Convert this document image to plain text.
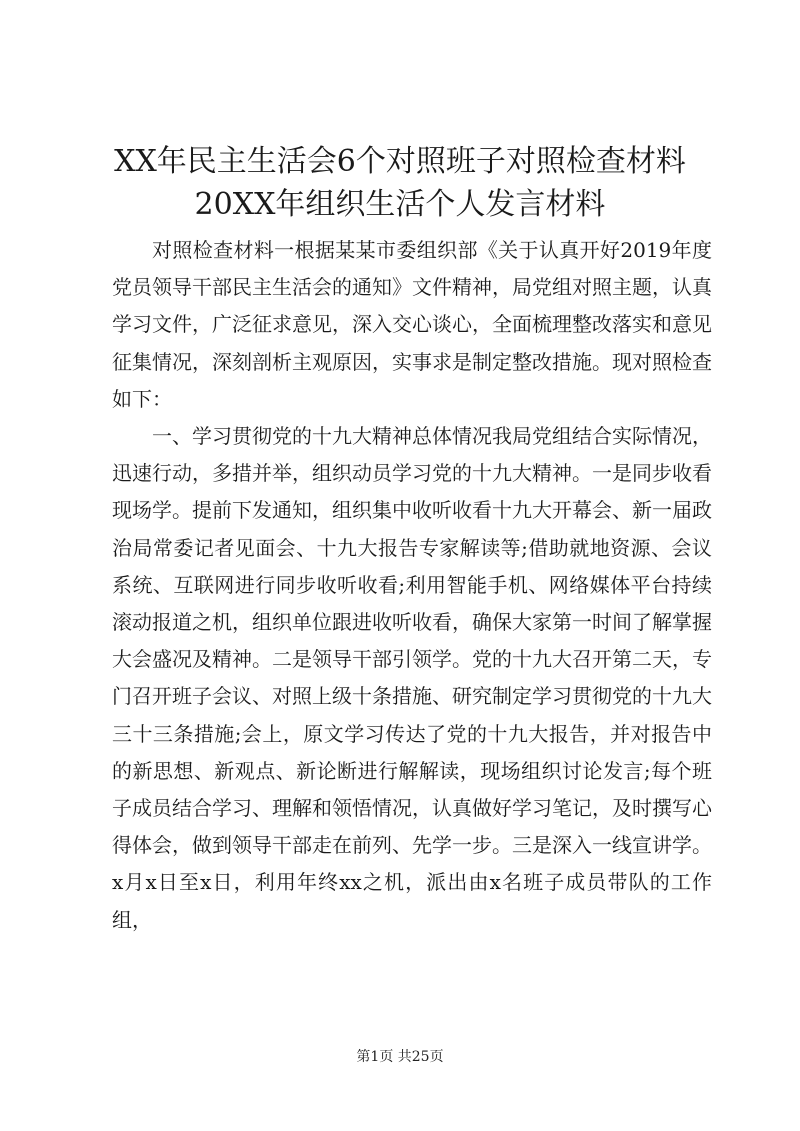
XX年民主生活会6个对照班子对照检查材料
20XX年组织生活个人发言材料

对照检查材料一根据某某市委组织部《关于认真开好2019年度党员领导干部民主生活会的通知》文件精神，局党组对照主题，认真学习文件，广泛征求意见，深入交心谈心，全面梳理整改落实和意见征集情况，深刻剖析主观原因，实事求是制定整改措施。现对照检查如下：

一、学习贯彻党的十九大精神总体情况我局党组结合实际情况，迅速行动，多措并举，组织动员学习党的十九大精神。一是同步收看现场学。提前下发通知，组织集中收听收看十九大开幕会、新一届政治局常委记者见面会、十九大报告专家解读等;借助就地资源、会议系统、互联网进行同步收听收看;利用智能手机、网络媒体平台持续滚动报道之机，组织单位跟进收听收看，确保大家第一时间了解掌握大会盛况及精神。二是领导干部引领学。党的十九大召开第二天，专门召开班子会议、对照上级十条措施、研究制定学习贯彻党的十九大三十三条措施;会上，原文学习传达了党的十九大报告，并对报告中的新思想、新观点、新论断进行解解读，现场组织讨论发言;每个班子成员结合学习、理解和领悟情况，认真做好学习笔记，及时撰写心得体会，做到领导干部走在前列、先学一步。三是深入一线宣讲学。x月x日至x日，利用年终xx之机，派出由x名班子成员带队的工作组，

第1页 共25页
